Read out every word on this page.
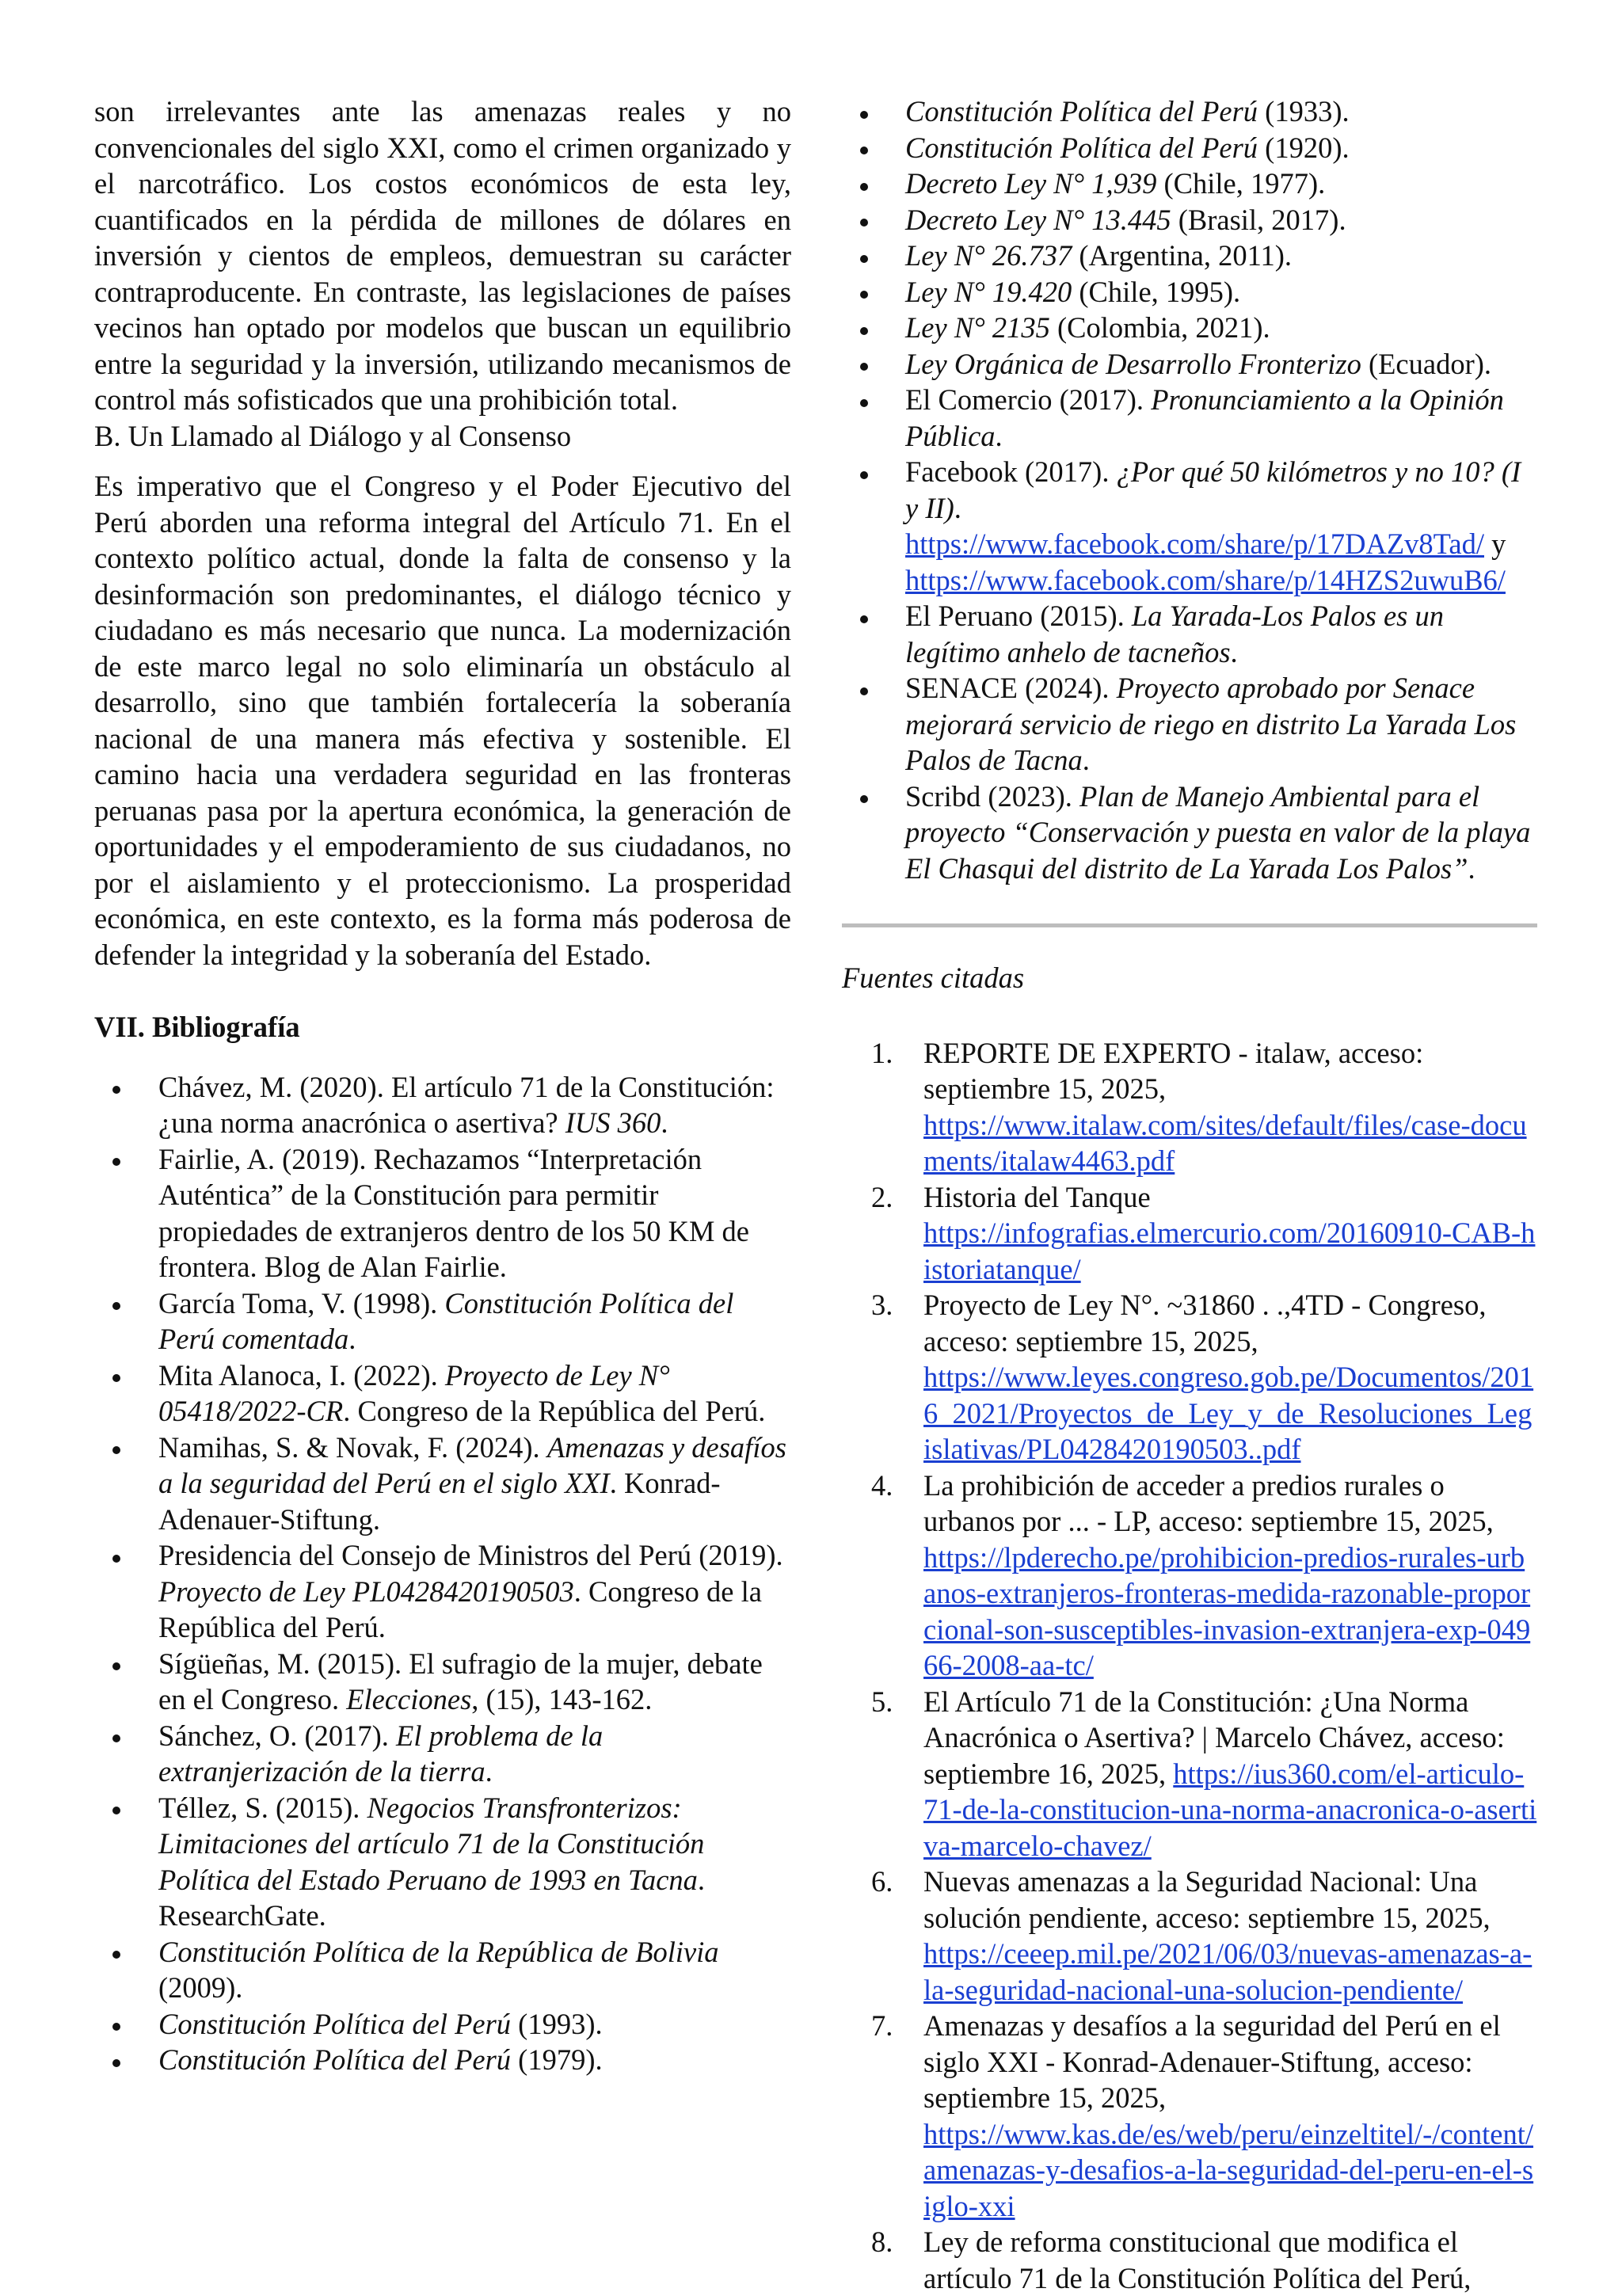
son irrelevantes ante las amenazas reales y no convencionales del siglo XXI, como el crimen organizado y el narcotráfico. Los costos económicos de esta ley, cuantificados en la pérdida de millones de dólares en inversión y cientos de empleos, demuestran su carácter contraproducente. En contraste, las legislaciones de países vecinos han optado por modelos que buscan un equilibrio entre la seguridad y la inversión, utilizando mecanismos de control más sofisticados que una prohibición total.

B. Un Llamado al Diálogo y al Consenso

Es imperativo que el Congreso y el Poder Ejecutivo del Perú aborden una reforma integral del Artículo 71. En el contexto político actual, donde la falta de consenso y la desinformación son predominantes, el diálogo técnico y ciudadano es más necesario que nunca. La modernización de este marco legal no solo eliminaría un obstáculo al desarrollo, sino que también fortalecería la soberanía nacional de una manera más efectiva y sostenible. El camino hacia una verdadera seguridad en las fronteras peruanas pasa por la apertura económica, la generación de oportunidades y el empoderamiento de sus ciudadanos, no por el aislamiento y el proteccionismo. La prosperidad económica, en este contexto, es la forma más poderosa de defender la integridad y la soberanía del Estado.

VII. Bibliografía

Chávez, M. (2020). El artículo 71 de la Constitución: ¿una norma anacrónica o asertiva? IUS 360.
Fairlie, A. (2019). Rechazamos “Interpretación Auténtica” de la Constitución para permitir propiedades de extranjeros dentro de los 50 KM de frontera. Blog de Alan Fairlie.
García Toma, V. (1998). Constitución Política del Perú comentada.
Mita Alanoca, I. (2022). Proyecto de Ley N° 05418/2022-CR. Congreso de la República del Perú.
Namihas, S. & Novak, F. (2024). Amenazas y desafíos a la seguridad del Perú en el siglo XXI. Konrad-Adenauer-Stiftung.
Presidencia del Consejo de Ministros del Perú (2019). Proyecto de Ley PL0428420190503. Congreso de la República del Perú.
Sígüeñas, M. (2015). El sufragio de la mujer, debate en el Congreso. Elecciones, (15), 143-162.
Sánchez, O. (2017). El problema de la extranjerización de la tierra.
Téllez, S. (2015). Negocios Transfronterizos: Limitaciones del artículo 71 de la Constitución Política del Estado Peruano de 1993 en Tacna. ResearchGate.
Constitución Política de la República de Bolivia (2009).
Constitución Política del Perú (1993).
Constitución Política del Perú (1979).
Constitución Política del Perú (1933).
Constitución Política del Perú (1920).
Decreto Ley N° 1,939 (Chile, 1977).
Decreto Ley N° 13.445 (Brasil, 2017).
Ley N° 26.737 (Argentina, 2011).
Ley N° 19.420 (Chile, 1995).
Ley N° 2135 (Colombia, 2021).
Ley Orgánica de Desarrollo Fronterizo (Ecuador).
El Comercio (2017). Pronunciamiento a la Opinión Pública.
Facebook (2017). ¿Por qué 50 kilómetros y no 10? (I y II).
https://www.facebook.com/share/p/17DAZv8Tad/ y
https://www.facebook.com/share/p/14HZS2uwuB6/
El Peruano (2015). La Yarada-Los Palos es un legítimo anhelo de tacneños.
SENACE (2024). Proyecto aprobado por Senace mejorará servicio de riego en distrito La Yarada Los Palos de Tacna.
Scribd (2023). Plan de Manejo Ambiental para el proyecto “Conservación y puesta en valor de la playa El Chasqui del distrito de La Yarada Los Palos”.

Fuentes citadas

1. REPORTE DE EXPERTO - italaw, acceso: septiembre 15, 2025,
https://www.italaw.com/sites/default/files/case-documents/italaw4463.pdf
2. Historia del Tanque
https://infografias.elmercurio.com/20160910-CAB-historiatanque/
3. Proyecto de Ley N°. ~31860 . .,4TD - Congreso, acceso: septiembre 15, 2025,
https://www.leyes.congreso.gob.pe/Documentos/2016_2021/Proyectos_de_Ley_y_de_Resoluciones_Legislativas/PL0428420190503..pdf
4. La prohibición de acceder a predios rurales o urbanos por ... - LP, acceso: septiembre 15, 2025,
https://lpderecho.pe/prohibicion-predios-rurales-urbanos-extranjeros-fronteras-medida-razonable-proporcional-son-susceptibles-invasion-extranjera-exp-04966-2008-aa-tc/
5. El Artículo 71 de la Constitución: ¿Una Norma Anacrónica o Asertiva? | Marcelo Chávez, acceso: septiembre 16, 2025, https://ius360.com/el-articulo-71-de-la-constitucion-una-norma-anacronica-o-asertiva-marcelo-chavez/
6. Nuevas amenazas a la Seguridad Nacional: Una solución pendiente, acceso: septiembre 15, 2025,
https://ceeep.mil.pe/2021/06/03/nuevas-amenazas-a-la-seguridad-nacional-una-solucion-pendiente/
7. Amenazas y desafíos a la seguridad del Perú en el siglo XXI - Konrad-Adenauer-Stiftung, acceso: septiembre 15, 2025,
https://www.kas.de/es/web/peru/einzeltitel/-/content/amenazas-y-desafios-a-la-seguridad-del-peru-en-el-siglo-xxi
8. Ley de reforma constitucional que modifica el artículo 71 de la Constitución Política del Perú,
